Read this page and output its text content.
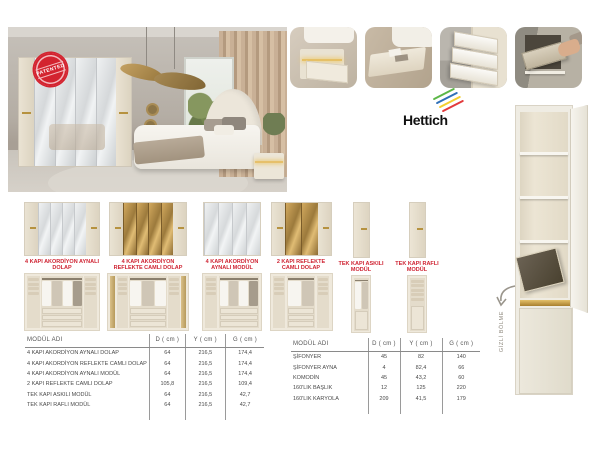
PATENTED
Hettich
4 KAPI AKORDİYON AYNALI DOLAP
4 KAPI AKORDİYON REFLEKTE CAMLI DOLAP
4 KAPI AKORDİYON AYNALI MODÜL
2 KAPI REFLEKTE CAMLI DOLAP
TEK KAPI ASKILI MODÜL
TEK KAPI RAFLI MODÜL
GİZLİ BÖLME
MODÜL ADI	D ( cm )	Y ( cm )	G ( cm )
4 KAPI AKORDİYON AYNALI DOLAP	64	216,5	174,4
4 KAPI AKORDİYON REFLEKTE CAMLI DOLAP	64	216,5	174,4
4 KAPI AKORDİYON AYNALI MODÜL	64	216,5	174,4
2 KAPI REFLEKTE CAMLI DOLAP	105,8	216,5	109,4
TEK KAPI ASKILI MODÜL	64	216,5	42,7
TEK KAPI RAFLI MODÜL	64	216,5	42,7

MODÜL ADI	D ( cm )	Y ( cm )	G ( cm )
ŞİFONYER	45	82	140
ŞİFONYER AYNA	4	82,4	66
KOMODİN	45	43,2	60
160'LIK BAŞLIK	12	125	220
160'LIK KARYOLA	209	41,5	179
